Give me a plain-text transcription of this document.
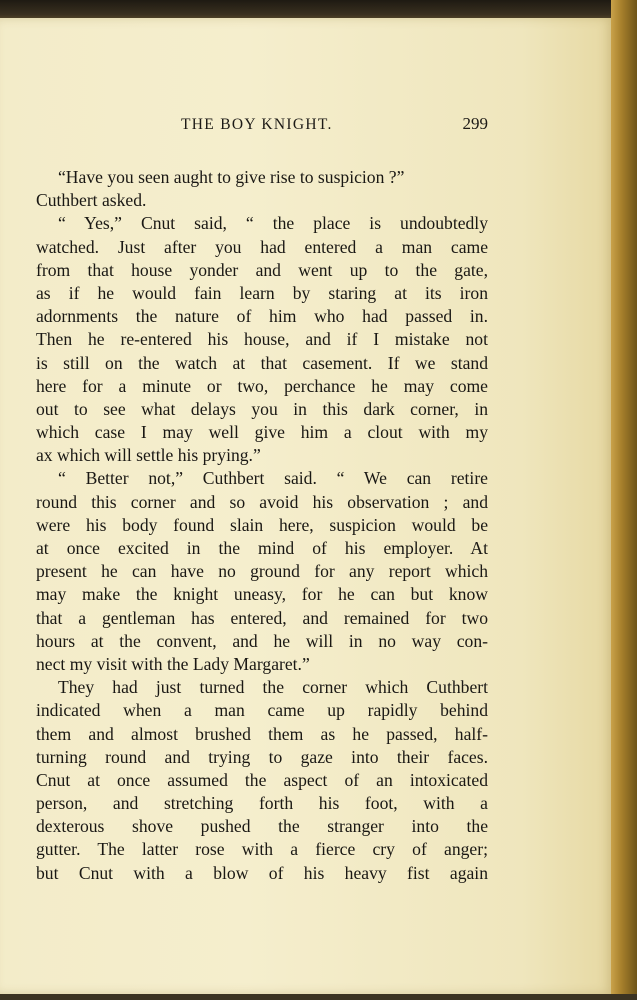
THE BOY KNIGHT.	299
“Have you seen aught to give rise to suspicion ?”
Cuthbert asked.
“ Yes,” Cnut said, “ the place is undoubtedly
watched. Just after you had entered a man came
from that house yonder and went up to the gate,
as if he would fain learn by staring at its iron
adornments the nature of him who had passed in.
Then he re-entered his house, and if I mistake not
is still on the watch at that casement. If we stand
here for a minute or two, perchance he may come
out to see what delays you in this dark corner, in
which case I may well give him a clout with my
ax which will settle his prying.”
“ Better not,” Cuthbert said. “ We can retire
round this corner and so avoid his observation ; and
were his body found slain here, suspicion would be
at once excited in the mind of his employer. At
present he can have no ground for any report which
may make the knight uneasy, for he can but know
that a gentleman has entered, and remained for two
hours at the convent, and he will in no way con-
nect my visit with the Lady Margaret.”
They had just turned the corner which Cuthbert
indicated when a man came up rapidly behind
them and almost brushed them as he passed, half-
turning round and trying to gaze into their faces.
Cnut at once assumed the aspect of an intoxicated
person, and stretching forth his foot, with a
dexterous shove pushed the stranger into the
gutter. The latter rose with a fierce cry of anger;
but Cnut with a blow of his heavy fist again
